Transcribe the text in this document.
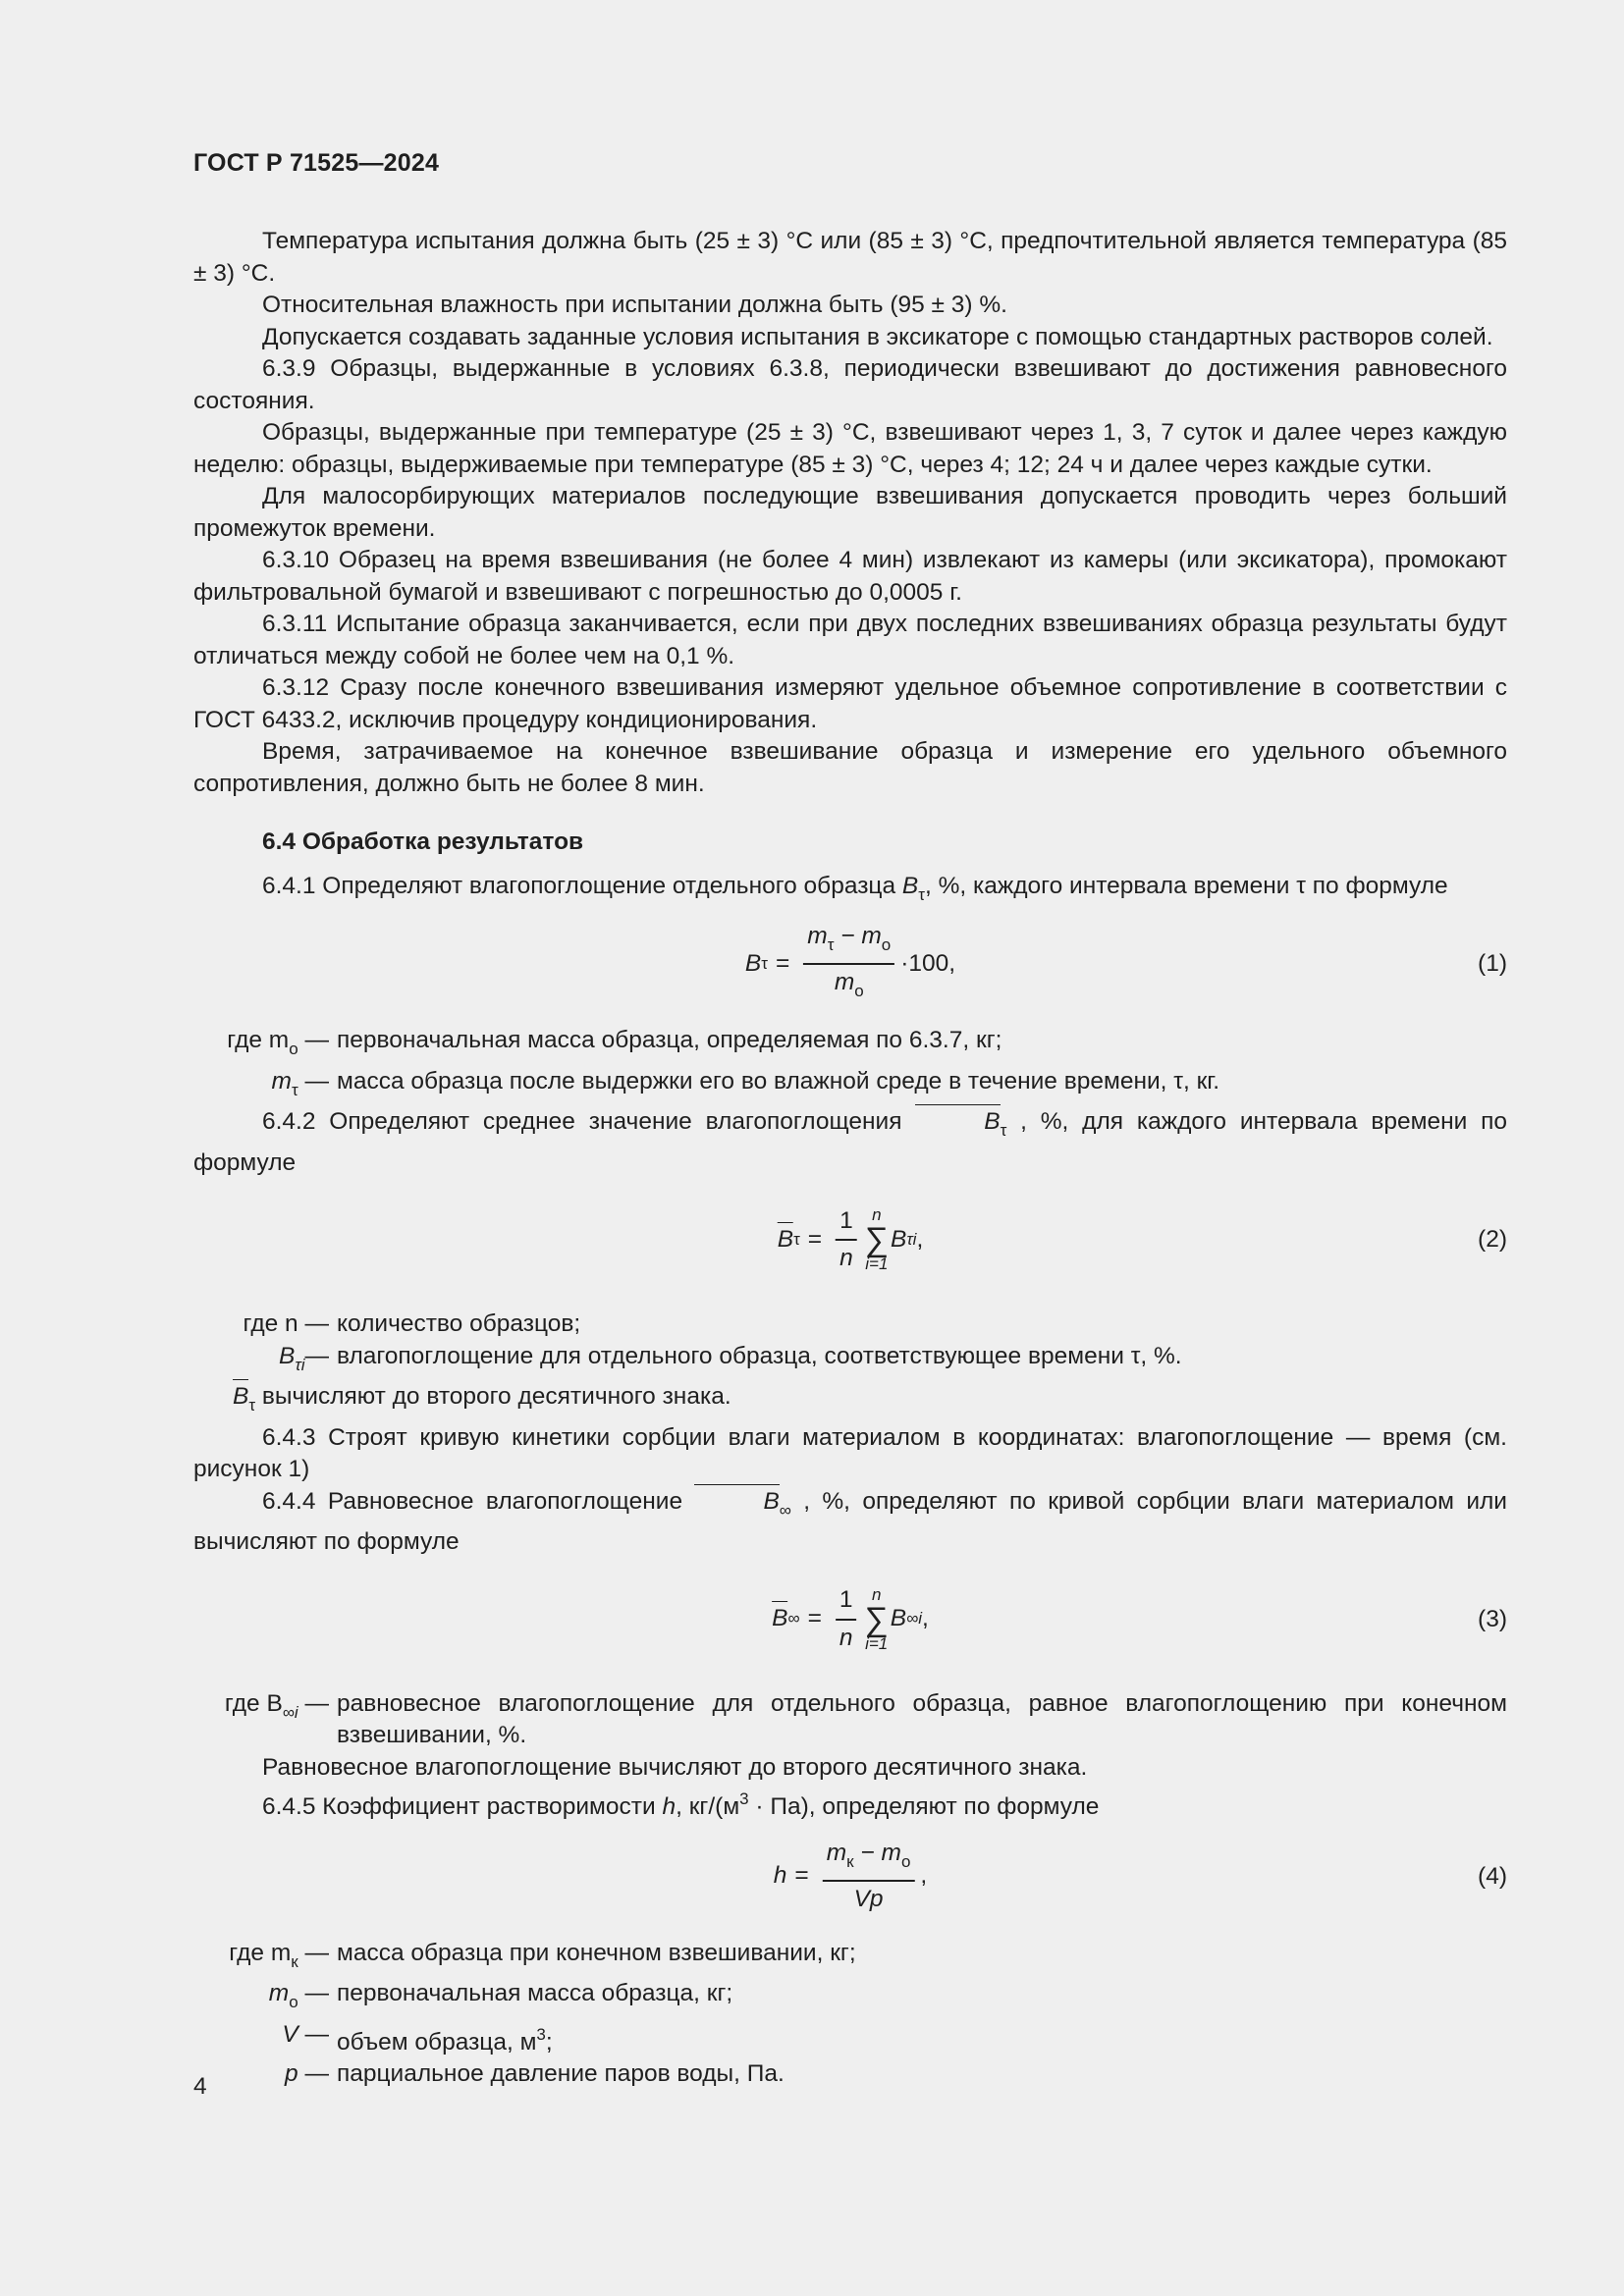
ГОСТ Р 71525—2024
Температура испытания должна быть (25 ± 3) °С или (85 ± 3) °С, предпочтительной является температура (85 ± 3) °С.
Относительная влажность при испытании должна быть (95 ± 3) %.
Допускается создавать заданные условия испытания в эксикаторе с помощью стандартных растворов солей.
6.3.9 Образцы, выдержанные в условиях 6.3.8, периодически взвешивают до достижения равновесного состояния.
Образцы, выдержанные при температуре (25 ± 3) °С, взвешивают через 1, 3, 7 суток и далее через каждую неделю: образцы, выдерживаемые при температуре (85 ± 3) °С, через 4; 12; 24 ч и далее через каждые сутки.
Для малосорбирующих материалов последующие взвешивания допускается проводить через больший промежуток времени.
6.3.10 Образец на время взвешивания (не более 4 мин) извлекают из камеры (или эксикатора), промокают фильтровальной бумагой и взвешивают с погрешностью до 0,0005 г.
6.3.11 Испытание образца заканчивается, если при двух последних взвешиваниях образца результаты будут отличаться между собой не более чем на 0,1 %.
6.3.12 Сразу после конечного взвешивания измеряют удельное объемное сопротивление в соответствии с ГОСТ 6433.2, исключив процедуру кондиционирования.
Время, затрачиваемое на конечное взвешивание образца и измерение его удельного объемного сопротивления, должно быть не более 8 мин.
6.4 Обработка результатов
6.4.1 Определяют влагопоглощение отдельного образца $B_\tau$, %, каждого интервала времени τ по формуле
B $\tau = \frac{m_\tau - m_о}{m_о} \cdot 100$,	(1)
где $m_о$ — первоначальная масса образца, определяемая по 6.3.7, кг;
$m_\tau$ — масса образца после выдержки его во влажной среде в течение времени, τ, кг.
6.4.2 Определяют среднее значение влагопоглощения	$B_\tau$ , %, для каждого интервала времени по формуле
B $\tau = \frac{1}{n}$ n
∑
i=1
B τi ,	(2)
где n — количество образцов;
$B_{\tau i}—$ влагопоглощение для отдельного образца, соответствующее времени τ, %.
$B_\tau$ вычисляют до второго десятичного знака.
6.4.3 Строят кривую кинетики сорбции влаги материалом в координатах: влагопоглощение — время (см. рисунок 1)
6.4.4 Равновесное влагопоглощение	$B_\infty$ , %, определяют по кривой сорбции влаги материалом или вычисляют по формуле
B ∞ = $\frac{1}{n}$ n
∑
i=1
B ∞i ,	(3)
где $B_{\infty i}$ — равновесное влагопоглощение для отдельного образца, равное влагопоглощению при конечном взвешивании, %.
Равновесное влагопоглощение вычисляют до второго десятичного знака.
6.4.5 Коэффициент растворимости h, $кг/(м^3 \cdot Па)$, определяют по формуле
$h = \frac{m_к - m_о}{Vp}$ ,	(4)
где $m_к$ — масса образца при конечном взвешивании, кг;
$m_о$ — первоначальная масса образца, кг;
V — объем образца, $м^3$;
p — парциальное давление паров воды, Па.
4
